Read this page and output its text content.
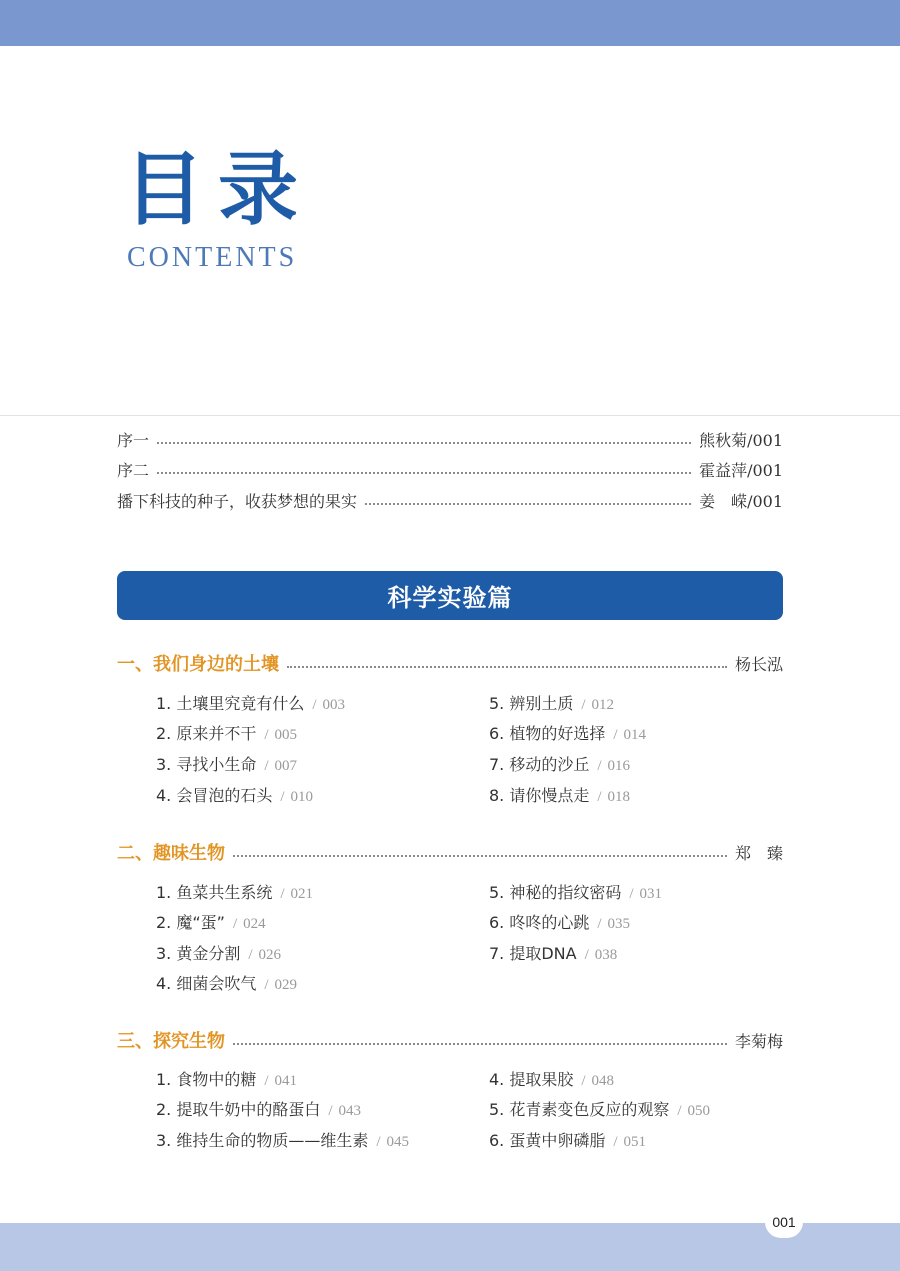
目录
CONTENTS
序一	熊秋菊/001
序二	霍益萍/001
播下科技的种子，收获梦想的果实	姜　嵘/001
科学实验篇
一、我们身边的土壤	杨长泓
1. 土壤里究竟有什么 / 003
2. 原来并不干 / 005
3. 寻找小生命 / 007
4. 会冒泡的石头 / 010
5. 辨别土质 / 012
6. 植物的好选择 / 014
7. 移动的沙丘 / 016
8. 请你慢点走 / 018
二、趣味生物	郑　臻
1. 鱼菜共生系统 / 021
2. 魔“蛋” / 024
3. 黄金分割 / 026
4. 细菌会吹气 / 029
5. 神秘的指纹密码 / 031
6. 咚咚的心跳 / 035
7. 提取DNA / 038
三、探究生物	李菊梅
1. 食物中的糖 / 041
2. 提取牛奶中的酪蛋白 / 043
3. 维持生命的物质——维生素 / 045
4. 提取果胶 / 048
5. 花青素变色反应的观察 / 050
6. 蛋黄中卵磷脂 / 051
001
